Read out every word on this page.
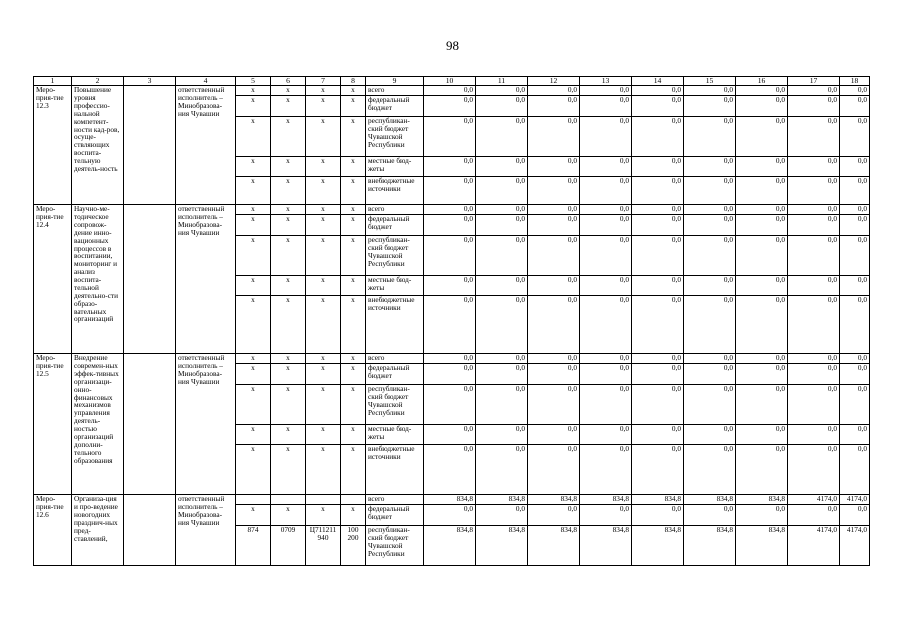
98
1	2	3	4	5	6	7	8	9	10	11	12	13	14	15	16	17	18
Меро-прия-тие 12.3	Повышение уровня профессио-нальной компетент-ности кад-ров, осуще-ствляющих воспита-тельную деятель-ность		ответственный исполнитель – Минобразова-ния Чувашии	x	x	x	x	всего	0,0	0,0	0,0	0,0	0,0	0,0	0,0	0,0	0,0
				x	x	x	x	федеральный бюджет	0,0	0,0	0,0	0,0	0,0	0,0	0,0	0,0	0,0
				x	x	x	x	республикан-ский бюджет Чувашской Республики	0,0	0,0	0,0	0,0	0,0	0,0	0,0	0,0	0,0
				x	x	x	x	местные бюд-жеты	0,0	0,0	0,0	0,0	0,0	0,0	0,0	0,0	0,0
				x	x	x	x	внебюджетные источники	0,0	0,0	0,0	0,0	0,0	0,0	0,0	0,0	0,0
Меро-прия-тие 12.4	Научно-ме-тодическое сопровож-дение инно-вационных процессов в воспитании, мониторинг и анализ воспита-тельной деятельно-сти образо-вательных организаций		ответственный исполнитель – Минобразова-ния Чувашии	x	x	x	x	всего	0,0	0,0	0,0	0,0	0,0	0,0	0,0	0,0	0,0
				x	x	x	x	федеральный бюджет	0,0	0,0	0,0	0,0	0,0	0,0	0,0	0,0	0,0
				x	x	x	x	республикан-ский бюджет Чувашской Республики	0,0	0,0	0,0	0,0	0,0	0,0	0,0	0,0	0,0
				x	x	x	x	местные бюд-жеты	0,0	0,0	0,0	0,0	0,0	0,0	0,0	0,0	0,0
				x	x	x	x	внебюджетные источники	0,0	0,0	0,0	0,0	0,0	0,0	0,0	0,0	0,0
Меро-прия-тие 12.5	Внедрение современ-ных эффек-тивных организаци-онно-финансовых механизмов управления деятель-ностью организаций дополни-тельного образования		ответственный исполнитель – Минобразова-ния Чувашии	x	x	x	x	всего	0,0	0,0	0,0	0,0	0,0	0,0	0,0	0,0	0,0
				x	x	x	x	федеральный бюджет	0,0	0,0	0,0	0,0	0,0	0,0	0,0	0,0	0,0
				x	x	x	x	республикан-ский бюджет Чувашской Республики	0,0	0,0	0,0	0,0	0,0	0,0	0,0	0,0	0,0
				x	x	x	x	местные бюд-жеты	0,0	0,0	0,0	0,0	0,0	0,0	0,0	0,0	0,0
				x	x	x	x	внебюджетные источники	0,0	0,0	0,0	0,0	0,0	0,0	0,0	0,0	0,0
Меро-прия-тие 12.6	Организа-ция и про-ведение новогодних празднич-ных пред-ставлений,		ответственный исполнитель – Минобразова-ния Чувашии					всего	834,8	834,8	834,8	834,8	834,8	834,8	834,8	4174,0	4174,0
				x	x	x	x	федеральный бюджет	0,0	0,0	0,0	0,0	0,0	0,0	0,0	0,0	0,0
				874	0709	Ц711211 940	100 200	республикан-ский бюджет Чувашской Республики	834,8	834,8	834,8	834,8	834,8	834,8	834,8	4174,0	4174,0
